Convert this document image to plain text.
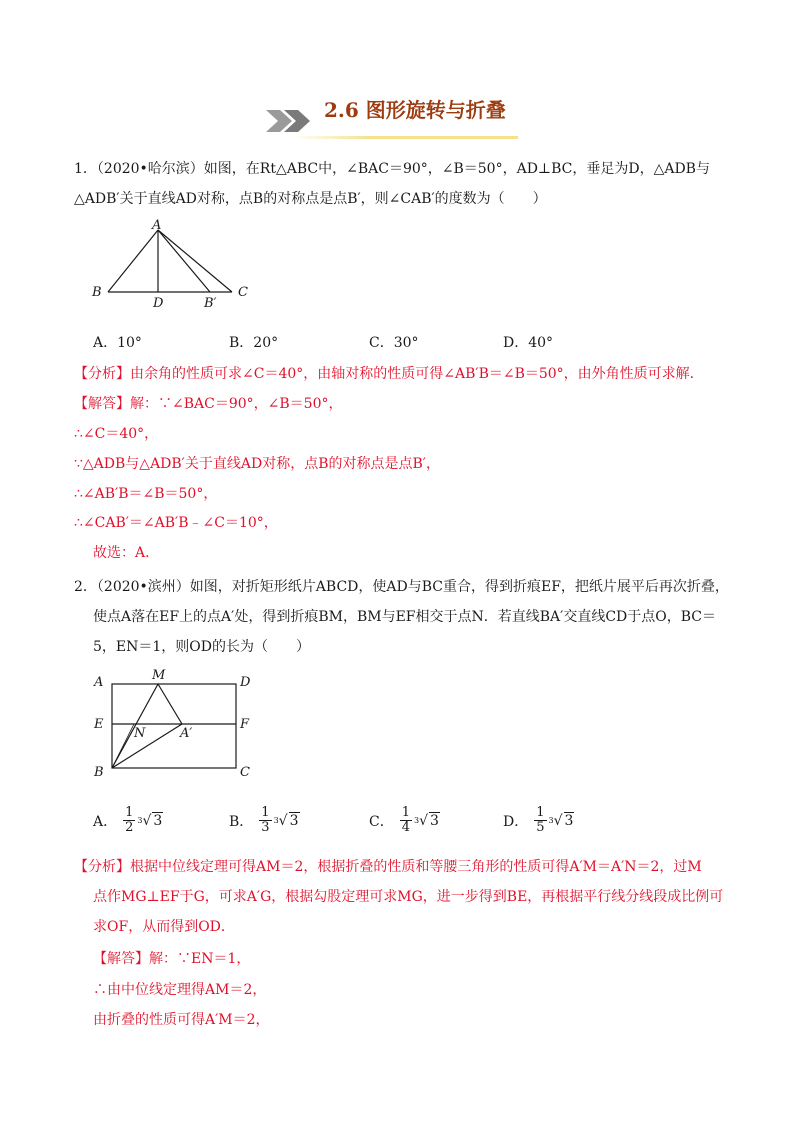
2.6 图形旋转与折叠
1．（2020•哈尔滨）如图，在Rt△ABC中，∠BAC＝90°，∠B＝50°，AD⊥BC，垂足为D，△ADB与
△ADB′关于直线AD对称，点B的对称点是点B′，则∠CAB′的度数为（　　）
A
B
D	B′
C
A．10°	B．20°	C．30°	D．40°
【分析】由余角的性质可求∠C＝40°，由轴对称的性质可得∠AB′B＝∠B＝50°，由外角性质可求解．
【解答】解：∵∠BAC＝90°，∠B＝50°，
∴∠C＝40°，
∵△ADB与△ADB′关于直线AD对称，点B的对称点是点B′，
∴∠AB′B＝∠B＝50°，
∴∠CAB′＝∠AB′B﹣∠C＝10°，
故选：A．
2．（2020•滨州）如图，对折矩形纸片ABCD，使AD与BC重合，得到折痕EF，把纸片展平后再次折叠，
使点A落在EF上的点A′处，得到折痕BM，BM与EF相交于点N．若直线BA′交直线CD于点O，BC＝
5，EN＝1，则OD的长为（　　）
A	M	D
E
N	A′
F
B	C
A． $\frac{1}{2} 3$ √ 3	B． $\frac{1}{3} 3$ √ 3	C． $\frac{1}{4} 3$ √ 3	D． $\frac{1}{5} 3$ √ 3
【分析】根据中位线定理可得AM＝2，根据折叠的性质和等腰三角形的性质可得A′M＝A′N＝2，过M
点作MG⊥EF于G，可求A′G，根据勾股定理可求MG，进一步得到BE，再根据平行线分线段成比例可
求OF，从而得到OD．
【解答】解：∵EN＝1，
∴由中位线定理得AM＝2，
由折叠的性质可得A′M＝2，
